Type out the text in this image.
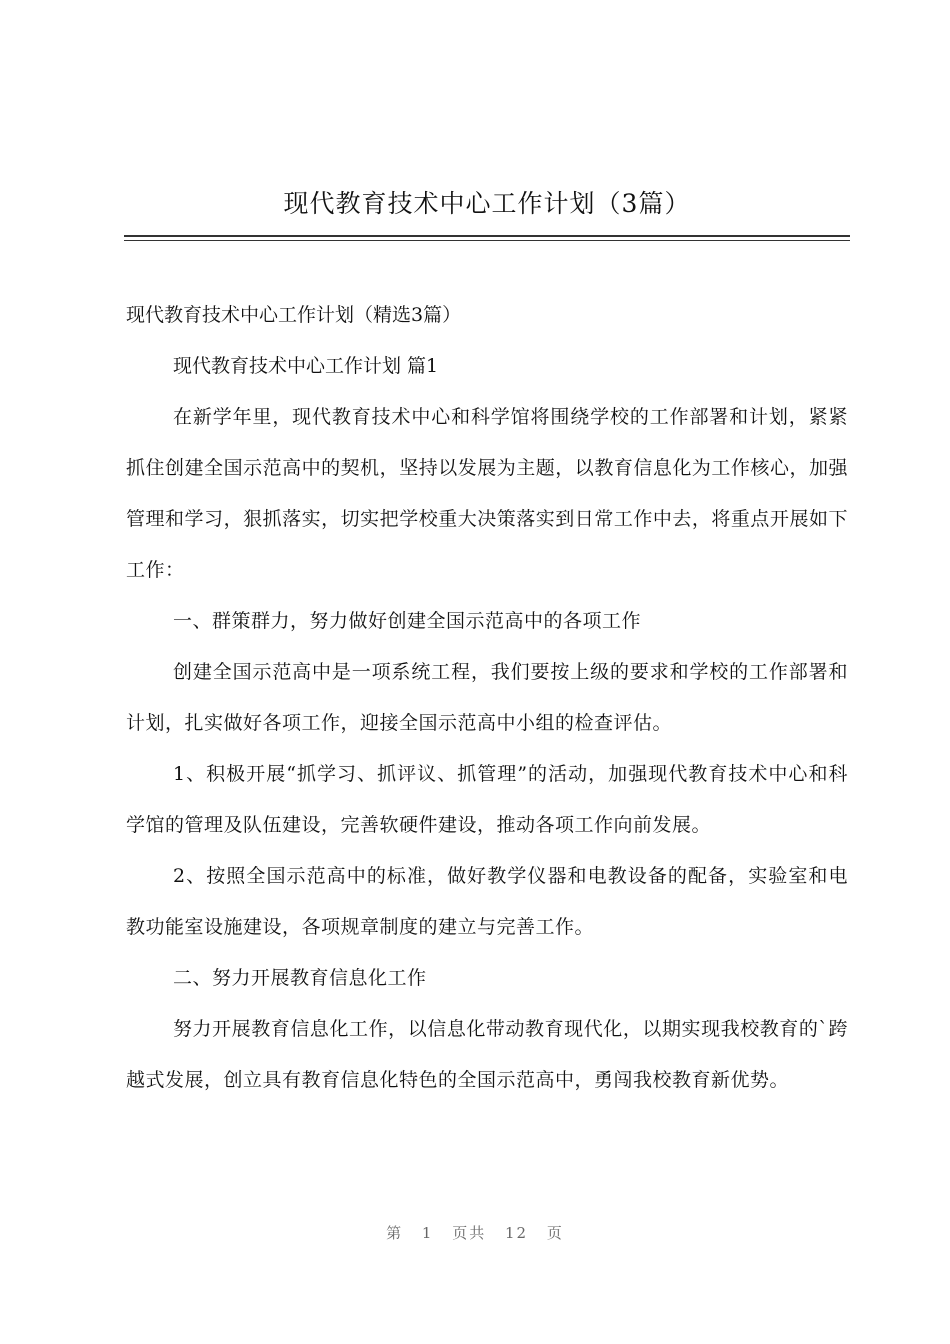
现代教育技术中心工作计划（3篇）

现代教育技术中心工作计划（精选3篇）

现代教育技术中心工作计划 篇1

在新学年里，现代教育技术中心和科学馆将围绕学校的工作部署和计划，紧紧抓住创建全国示范高中的契机，坚持以发展为主题，以教育信息化为工作核心，加强管理和学习，狠抓落实，切实把学校重大决策落实到日常工作中去，将重点开展如下工作：

一、群策群力，努力做好创建全国示范高中的各项工作

创建全国示范高中是一项系统工程，我们要按上级的要求和学校的工作部署和计划，扎实做好各项工作，迎接全国示范高中小组的检查评估。

1、积极开展“抓学习、抓评议、抓管理”的活动，加强现代教育技术中心和科学馆的管理及队伍建设，完善软硬件建设，推动各项工作向前发展。

2、按照全国示范高中的标准，做好教学仪器和电教设备的配备，实验室和电教功能室设施建设，各项规章制度的建立与完善工作。

二、努力开展教育信息化工作

努力开展教育信息化工作，以信息化带动教育现代化，以期实现我校教育的`跨越式发展，创立具有教育信息化特色的全国示范高中，勇闯我校教育新优势。

第 1 页共 12 页
